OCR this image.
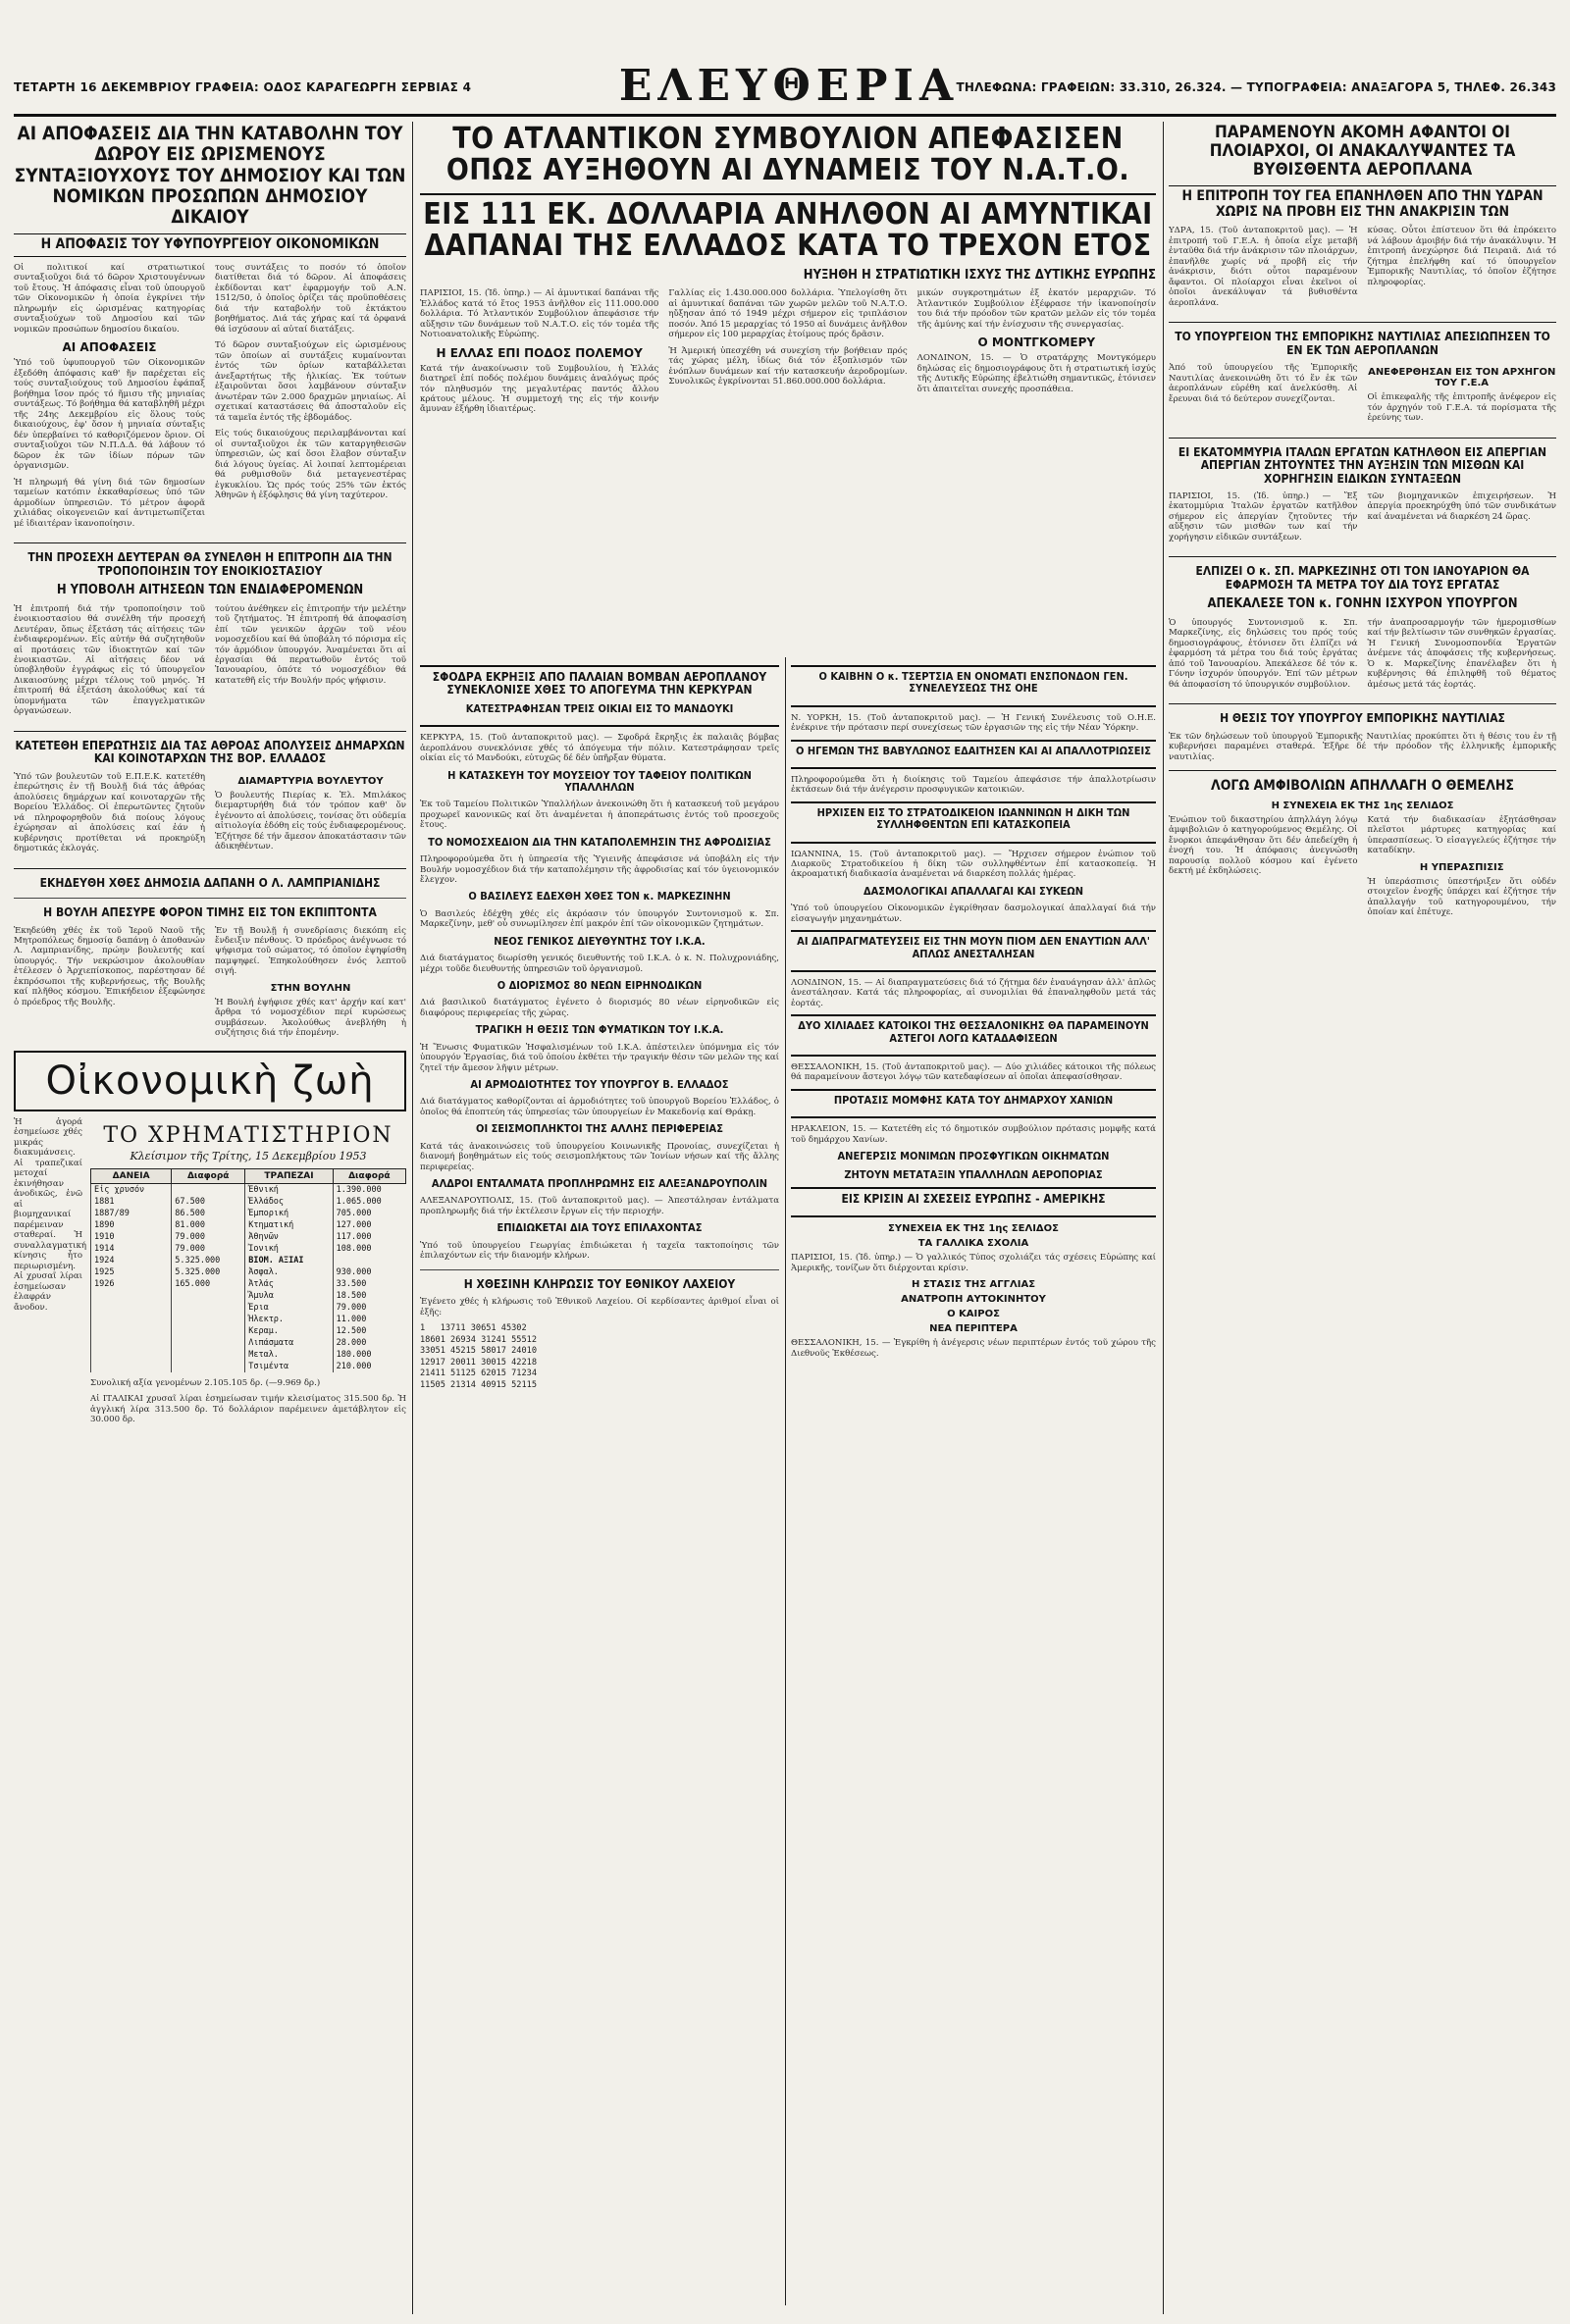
ΤΕΤΑΡΤΗ 16 ΔΕΚΕΜΒΡΙΟΥ ΓΡΑΦΕΙΑ: ΟΔΟΣ ΚΑΡΑΓΕΩΡΓΗ ΣΕΡΒΙΑΣ 4	ΕΛΕΥΘΕΡΙΑ
ΤΗΛΕΦΩΝΑ: ΓΡΑΦΕΙΩΝ: 33.310, 26.324. — ΤΥΠΟΓΡΑΦΕΙΑ: ΑΝΑΞΑΓΟΡΑ 5, ΤΗΛΕΦ. 26.343
ΑΙ ΑΠΟΦΑΣΕΙΣ ΔΙΑ ΤΗΝ ΚΑΤΑΒΟΛΗΝ ΤΟΥ ΔΩΡΟΥ ΕΙΣ ΩΡΙΣΜΕΝΟΥΣ ΣΥΝΤΑΞΙΟΥΧΟΥΣ ΤΟΥ ΔΗΜΟΣΙΟΥ ΚΑΙ ΤΩΝ ΝΟΜΙΚΩΝ ΠΡΟΣΩΠΩΝ ΔΗΜΟΣΙΟΥ ΔΙΚΑΙΟΥ
Η ΑΠΟΦΑΣΙΣ ΤΟΥ ΥΦΥΠΟΥΡΓΕΙΟΥ ΟΙΚΟΝΟΜΙΚΩΝ

Οἱ πολιτικοί καί στρατιωτικοί συνταξιοῦχοι διά τό δῶρον Χριστουγέννων τοῦ ἔτους. Ἡ ἀπόφασις εἶναι τοῦ ὑπουργοῦ τῶν Οἰκονομικῶν ἡ ὁποία ἐγκρίνει τήν πληρωμήν εἰς ὡρισμένας κατηγορίας συνταξιούχων τοῦ Δημοσίου καί τῶν νομικῶν προσώπων δημοσίου δικαίου.

ΑΙ ΑΠΟΦΑΣΕΙΣ

Ὑπό τοῦ ὑφυπουργοῦ τῶν Οἰκονομικῶν ἐξεδόθη ἀπόφασις καθ' ἥν παρέχεται εἰς τούς συνταξιούχους τοῦ Δημοσίου ἐφάπαξ βοήθημα ἴσον πρός τό ἥμισυ τῆς μηνιαίας συντάξεως. Τό βοήθημα θά καταβληθῆ μέχρι τῆς 24ης Δεκεμβρίου εἰς ὅλους τούς δικαιούχους, ἐφ' ὅσον ἡ μηνιαία σύνταξις δέν ὑπερβαίνει τό καθοριζόμενον ὅριον. Οἱ συνταξιοῦχοι τῶν Ν.Π.Δ.Δ. θά λάβουν τό δῶρον ἐκ τῶν ἰδίων πόρων τῶν ὀργανισμῶν.

Ἡ πληρωμή θά γίνη διά τῶν δημοσίων ταμείων κατόπιν ἐκκαθαρίσεως ὑπό τῶν ἁρμοδίων ὑπηρεσιῶν. Τό μέτρον ἀφορᾶ χιλιάδας οἰκογενειῶν καί ἀντιμετωπίζεται μέ ἰδιαιτέραν ἱκανοποίησιν.

τους συντάξεις το ποσόν τό ὁποῖον διατίθεται διά τό δῶρον. Αἱ ἀποφάσεις ἐκδίδονται κατ' ἐφαρμογήν τοῦ Α.Ν. 1512/50, ὁ ὁποῖος ὁρίζει τάς προϋποθέσεις διά τήν καταβολήν τοῦ ἐκτάκτου βοηθήματος. Διά τάς χήρας καί τά ὀρφανά θά ἰσχύσουν αἱ αὐταί διατάξεις.

Τό δῶρον συνταξιούχων εἰς ὡρισμένους τῶν ὁποίων αἱ συντάξεις κυμαίνονται ἐντός τῶν ὁρίων καταβάλλεται ἀνεξαρτήτως τῆς ἡλικίας. Ἐκ τούτων ἐξαιροῦνται ὅσοι λαμβάνουν σύνταξιν ἀνωτέραν τῶν 2.000 δραχμῶν μηνιαίως. Αἱ σχετικαί καταστάσεις θά ἀποσταλοῦν εἰς τά ταμεῖα ἐντός τῆς ἑβδομάδος.

Εἰς τούς δικαιούχους περιλαμβάνονται καί οἱ συνταξιοῦχοι ἐκ τῶν καταργηθεισῶν ὑπηρεσιῶν, ὡς καί ὅσοι ἔλαβον σύνταξιν διά λόγους ὑγείας. Αἱ λοιπαί λεπτομέρειαι θά ρυθμισθοῦν διά μεταγενεστέρας ἐγκυκλίου. Ὡς πρός τούς 25% τῶν ἐκτός Ἀθηνῶν ἡ ἐξόφλησις θά γίνη ταχύτερον.

ΤΗΝ ΠΡΟΣΕΧΗ ΔΕΥΤΕΡΑΝ ΘΑ ΣΥΝΕΛΘΗ Η ΕΠΙΤΡΟΠΗ ΔΙΑ ΤΗΝ ΤΡΟΠΟΠΟΙΗΣΙΝ ΤΟΥ ΕΝΟΙΚΙΟΣΤΑΣΙΟΥ
Η ΥΠΟΒΟΛΗ ΑΙΤΗΣΕΩΝ ΤΩΝ ΕΝΔΙΑΦΕΡΟΜΕΝΩΝ

Ἡ ἐπιτροπή διά τήν τροποποίησιν τοῦ ἐνοικιοστασίου θά συνέλθη τήν προσεχή Δευτέραν, ὅπως ἐξετάση τάς αἰτήσεις τῶν ἐνδιαφερομένων. Εἰς αὐτήν θά συζητηθοῦν αἱ προτάσεις τῶν ἰδιοκτητῶν καί τῶν ἐνοικιαστῶν. Αἱ αἰτήσεις δέον νά ὑποβληθοῦν ἐγγράφως εἰς τό ὑπουργεῖον Δικαιοσύνης μέχρι τέλους τοῦ μηνός. Ἡ ἐπιτροπή θά ἐξετάση ἀκολούθως καί τά ὑπομνήματα τῶν ἐπαγγελματικῶν ὀργανώσεων.

τούτου ἀνέθηκεν εἰς ἐπιτροπήν τήν μελέτην τοῦ ζητήματος. Ἡ ἐπιτροπή θά ἀποφασίση ἐπί τῶν γενικῶν ἀρχῶν τοῦ νέου νομοσχεδίου καί θά ὑποβάλη τό πόρισμα εἰς τόν ἁρμόδιον ὑπουργόν. Ἀναμένεται ὅτι αἱ ἐργασίαι θά περατωθοῦν ἐντός τοῦ Ἰανουαρίου, ὁπότε τό νομοσχέδιον θά κατατεθῆ εἰς τήν Βουλήν πρός ψήφισιν.

ΚΑΤΕΤΕΘΗ ΕΠΕΡΩΤΗΣΙΣ ΔΙΑ ΤΑΣ ΑΘΡΟΑΣ ΑΠΟΛΥΣΕΙΣ ΔΗΜΑΡΧΩΝ ΚΑΙ ΚΟΙΝΟΤΑΡΧΩΝ ΤΗΣ ΒΟΡ. ΕΛΛΑΔΟΣ

Ὑπό τῶν βουλευτῶν τοῦ Ε.Π.Ε.Κ. κατετέθη ἐπερώτησις ἐν τῇ Βουλῇ διά τάς ἀθρόας ἀπολύσεις δημάρχων καί κοινοταρχῶν τῆς Βορείου Ἑλλάδος. Οἱ ἐπερωτῶντες ζητοῦν νά πληροφορηθοῦν διά ποίους λόγους ἐχώρησαν αἱ ἀπολύσεις καί ἐάν ἡ κυβέρνησις προτίθεται νά προκηρύξη δημοτικάς ἐκλογάς.

ΔΙΑΜΑΡΤΥΡΙΑ ΒΟΥΛΕΥΤΟΥ

Ὁ βουλευτής Πιερίας κ. Ἐλ. Μπιλάκος διεμαρτυρήθη διά τόν τρόπον καθ' ὅν ἐγένοντο αἱ ἀπολύσεις, τονίσας ὅτι οὐδεμία αἰτιολογία ἐδόθη εἰς τούς ἐνδιαφερομένους. Ἐζήτησε δέ τήν ἄμεσον ἀποκατάστασιν τῶν ἀδικηθέντων.

ΕΚΗΔΕΥΘΗ ΧΘΕΣ ΔΗΜΟΣΙΑ ΔΑΠΑΝΗ Ο Λ. ΛΑΜΠΡΙΑΝΙΔΗΣ
Η ΒΟΥΛΗ ΑΠΕΣΥΡΕ ΦΟΡΟΝ ΤΙΜΗΣ ΕΙΣ ΤΟΝ ΕΚΠΙΠΤΟΝΤΑ

Ἐκηδεύθη χθές ἐκ τοῦ Ἱεροῦ Ναοῦ τῆς Μητροπόλεως δημοσίᾳ δαπάνῃ ὁ ἀποθανών Λ. Λαμπριανίδης, πρώην βουλευτής καί ὑπουργός. Τήν νεκρώσιμον ἀκολουθίαν ἐτέλεσεν ὁ Ἀρχιεπίσκοπος, παρέστησαν δέ ἐκπρόσωποι τῆς κυβερνήσεως, τῆς Βουλῆς καί πλῆθος κόσμου. Ἐπικήδειον ἐξεφώνησε ὁ πρόεδρος τῆς Βουλῆς.

Ἐν τῇ Βουλῇ ἡ συνεδρίασις διεκόπη εἰς ἔνδειξιν πένθους. Ὁ πρόεδρος ἀνέγνωσε τό ψήφισμα τοῦ σώματος, τό ὁποῖον ἐψηφίσθη παμψηφεί. Ἐπηκολούθησεν ἐνός λεπτοῦ σιγή.

ΣΤΗΝ ΒΟΥΛΗΝ

Ἡ Βουλή ἐψήφισε χθές κατ' ἀρχήν καί κατ' ἄρθρα τό νομοσχέδιον περί κυρώσεως συμβάσεων. Ἀκολούθως ἀνεβλήθη ἡ συζήτησις διά τήν ἑπομένην.

Οἰκονομικὴ ζωὴ

Ἡ ἀγορά ἐσημείωσε χθές μικράς διακυμάνσεις. Αἱ τραπεζικαί μετοχαί ἐκινήθησαν ἀνοδικῶς, ἐνῶ αἱ βιομηχανικαί παρέμειναν σταθεραί. Ἡ συναλλαγματική κίνησις ἦτο περιωρισμένη. Αἱ χρυσαῖ λίραι ἐσημείωσαν ἐλαφράν ἄνοδον.

ΤΟ ΧΡΗΜΑΤΙΣΤΗΡΙΟΝ
Κλείσιμον τῆς Τρίτης, 15 Δεκεμβρίου 1953
ΔΑΝΕΙΑ	Διαφορά	ΤΡΑΠΕΖΑΙ	Διαφορά
Εἰς χρυσόν		Ἐθνική	1.390.000
1881	67.500	Ἑλλάδος	1.065.000
1887/89	86.500	Ἐμπορική	705.000
1890	81.000	Κτηματική	127.000
1910	79.000	Ἀθηνῶν	117.000
1914	79.000	Ἰονική	108.000
1924	5.325.000	ΒΙΟΜ. ΑΞΙΑΙ	
1925	5.325.000	Ἀσφαλ.	930.000
1926	165.000	Ἀτλάς	33.500
		Ἄμυλα	18.500
		Ἐρια	79.000
		Ἠλεκτρ.	11.000
		Κεραμ.	12.500
		Λιπάσματα	28.000
		Μεταλ.	180.000
		Τσιμέντα	210.000

Συνολική αξία γενομένων 2.105.105 δρ. (—9.969 δρ.)

Αἱ ΙΤΑΛΙΚΑΙ χρυσαῖ λίραι ἐσημείωσαν τιμήν κλεισίματος 315.500 δρ. Ἡ ἀγγλική λίρα 313.500 δρ. Τό δολλάριον παρέμεινεν ἀμετάβλητον εἰς 30.000 δρ.

ΤΟ ΑΤΛΑΝΤΙΚΟΝ ΣΥΜΒΟΥΛΙΟΝ ΑΠΕΦΑΣΙΣΕΝ ΟΠΩΣ ΑΥΞΗΘΟΥΝ ΑΙ ΔΥΝΑΜΕΙΣ ΤΟΥ Ν.Α.Τ.Ο.
ΕΙΣ 111 ΕΚ. ΔΟΛΛΑΡΙΑ ΑΝΗΛΘΟΝ ΑΙ ΑΜΥΝΤΙΚΑΙ ΔΑΠΑΝΑΙ ΤΗΣ ΕΛΛΑΔΟΣ ΚΑΤΑ ΤΟ ΤΡΕΧΟΝ ΕΤΟΣ
ΗΥΞΗΘΗ Η ΣΤΡΑΤΙΩΤΙΚΗ ΙΣΧΥΣ ΤΗΣ ΔΥΤΙΚΗΣ ΕΥΡΩΠΗΣ

ΠΑΡΙΣΙΟΙ, 15. (Ἰδ. ὑπηρ.) — Αἱ ἀμυντικαί δαπάναι τῆς Ἑλλάδος κατά τό ἔτος 1953 ἀνῆλθον εἰς 111.000.000 δολλάρια. Τό Ἀτλαντικόν Συμβούλιον ἀπεφάσισε τήν αὔξησιν τῶν δυνάμεων τοῦ Ν.Α.Τ.Ο. εἰς τόν τομέα τῆς Νοτιοανατολικῆς Εὐρώπης.

Η ΕΛΛΑΣ ΕΠΙ ΠΟΔΟΣ ΠΟΛΕΜΟΥ

Κατά τήν ἀνακοίνωσιν τοῦ Συμβουλίου, ἡ Ἑλλάς διατηρεῖ ἐπί ποδός πολέμου δυνάμεις ἀναλόγως πρός τόν πληθυσμόν της μεγαλυτέρας παντός ἄλλου κράτους μέλους. Ἡ συμμετοχή της εἰς τήν κοινήν ἄμυναν ἐξήρθη ἰδιαιτέρως.

Γαλλίας εἰς 1.430.000.000 δολλάρια. Ὑπελογίσθη ὅτι αἱ ἀμυντικαί δαπάναι τῶν χωρῶν μελῶν τοῦ Ν.Α.Τ.Ο. ηὔξησαν ἀπό τό 1949 μέχρι σήμερον εἰς τριπλάσιον ποσόν. Ἀπό 15 μεραρχίας τό 1950 αἱ δυνάμεις ἀνῆλθον σήμερον εἰς 100 μεραρχίας ἑτοίμους πρός δρᾶσιν.

Ἡ Ἀμερική ὑπεσχέθη νά συνεχίση τήν βοήθειαν πρός τάς χώρας μέλη, ἰδίως διά τόν ἐξοπλισμόν τῶν ἐνόπλων δυνάμεων καί τήν κατασκευήν ἀεροδρομίων. Συνολικῶς ἐγκρίνονται 51.860.000.000 δολλάρια.

μικών συγκροτημάτων ἐξ ἐκατόν μεραρχιῶν. Τό Ἀτλαντικόν Συμβούλιον ἐξέφρασε τήν ἱκανοποίησίν του διά τήν πρόοδον τῶν κρατῶν μελῶν εἰς τόν τομέα τῆς ἀμύνης καί τήν ἐνίσχυσιν τῆς συνεργασίας.

Ο ΜΟΝΤΓΚΟΜΕΡΥ

ΛΟΝΔΙΝΟΝ, 15. — Ὁ στρατάρχης Μοντγκόμερυ δηλώσας εἰς δημοσιογράφους ὅτι ἡ στρατιωτική ἰσχύς τῆς Δυτικῆς Εὐρώπης ἐβελτιώθη σημαντικῶς, ἐτόνισεν ὅτι ἀπαιτεῖται συνεχής προσπάθεια.

ΣΦΟΔΡΑ ΕΚΡΗΞΙΣ ΑΠΟ ΠΑΛΑΙΑΝ ΒΟΜΒΑΝ ΑΕΡΟΠΛΑΝΟΥ ΣΥΝΕΚΛΟΝΙΣΕ ΧΘΕΣ ΤΟ ΑΠΟΓΕΥΜΑ ΤΗΝ ΚΕΡΚΥΡΑΝ
ΚΑΤΕΣΤΡΑΦΗΣΑΝ ΤΡΕΙΣ ΟΙΚΙΑΙ ΕΙΣ ΤΟ ΜΑΝΔΟΥΚΙ

ΚΕΡΚΥΡΑ, 15. (Τοῦ ἀνταποκριτοῦ μας). — Σφοδρά ἔκρηξις ἐκ παλαιᾶς βόμβας ἀεροπλάνου συνεκλόνισε χθές τό ἀπόγευμα τήν πόλιν. Κατεστράφησαν τρεῖς οἰκίαι εἰς τό Μανδούκι, εὐτυχῶς δέ δέν ὑπῆρξαν θύματα.

Η ΚΑΤΑΣΚΕΥΗ ΤΟΥ ΜΟΥΣΕΙΟΥ ΤΟΥ ΤΑΦΕΙΟΥ ΠΟΛΙΤΙΚΩΝ ΥΠΑΛΛΗΛΩΝ

Ἐκ τοῦ Ταμείου Πολιτικῶν Ὑπαλλήλων ἀνεκοινώθη ὅτι ἡ κατασκευή τοῦ μεγάρου προχωρεῖ κανονικῶς καί ὅτι ἀναμένεται ἡ ἀποπεράτωσις ἐντός τοῦ προσεχοῦς ἔτους.

ΤΟ ΝΟΜΟΣΧΕΔΙΟΝ ΔΙΑ ΤΗΝ ΚΑΤΑΠΟΛΕΜΗΣΙΝ ΤΗΣ ΑΦΡΟΔΙΣΙΑΣ

Πληροφορούμεθα ὅτι ἡ ὑπηρεσία τῆς Ὑγιεινῆς ἀπεφάσισε νά ὑποβάλη εἰς τήν Βουλήν νομοσχέδιον διά τήν καταπολέμησιν τῆς ἀφροδισίας καί τόν ὑγειονομικόν ἔλεγχον.

Ο ΒΑΣΙΛΕΥΣ ΕΔΕΧΘΗ ΧΘΕΣ ΤΟΝ κ. ΜΑΡΚΕΖΙΝΗΝ

Ὁ Βασιλεύς ἐδέχθη χθές εἰς ἀκρόασιν τόν ὑπουργόν Συντονισμοῦ κ. Σπ. Μαρκεζίνην, μεθ' οὗ συνωμίλησεν ἐπί μακρόν ἐπί τῶν οἰκονομικῶν ζητημάτων.

ΝΕΟΣ ΓΕΝΙΚΟΣ ΔΙΕΥΘΥΝΤΗΣ ΤΟΥ Ι.Κ.Α.

Διά διατάγματος διωρίσθη γενικός διευθυντής τοῦ Ι.Κ.Α. ὁ κ. Ν. Πολυχρονιάδης, μέχρι τοῦδε διευθυντής ὑπηρεσιῶν τοῦ ὀργανισμοῦ.

Ο ΔΙΟΡΙΣΜΟΣ 80 ΝΕΩΝ ΕΙΡΗΝΟΔΙΚΩΝ

Διά βασιλικοῦ διατάγματος ἐγένετο ὁ διορισμός 80 νέων εἰρηνοδικῶν εἰς διαφόρους περιφερείας τῆς χώρας.

ΤΡΑΓΙΚΗ Η ΘΕΣΙΣ ΤΩΝ ΦΥΜΑΤΙΚΩΝ ΤΟΥ Ι.Κ.Α.

Ἡ Ἕνωσις Φυματικῶν Ἠσφαλισμένων τοῦ Ι.Κ.Α. ἀπέστειλεν ὑπόμνημα εἰς τόν ὑπουργόν Ἐργασίας, διά τοῦ ὁποίου ἐκθέτει τήν τραγικήν θέσιν τῶν μελῶν της καί ζητεῖ τήν ἄμεσον λῆψιν μέτρων.

ΑΙ ΑΡΜΟΔΙΟΤΗΤΕΣ ΤΟΥ ΥΠΟΥΡΓΟΥ Β. ΕΛΛΑΔΟΣ

Διά διατάγματος καθορίζονται αἱ ἁρμοδιότητες τοῦ ὑπουργοῦ Βορείου Ἑλλάδος, ὁ ὁποῖος θά ἐποπτεύη τάς ὑπηρεσίας τῶν ὑπουργείων ἐν Μακεδονίᾳ καί Θράκῃ.

ΟΙ ΣΕΙΣΜΟΠΛΗΚΤΟΙ ΤΗΣ ΑΛΛΗΣ ΠΕΡΙΦΕΡΕΙΑΣ

Κατά τάς ἀνακοινώσεις τοῦ ὑπουργείου Κοινωνικῆς Προνοίας, συνεχίζεται ἡ διανομή βοηθημάτων εἰς τούς σεισμοπλήκτους τῶν Ἰονίων νήσων καί τῆς ἄλλης περιφερείας.

ΑΛΔΡΟΙ ΕΝΤΑΛΜΑΤΑ ΠΡΟΠΛΗΡΩΜΗΣ ΕΙΣ ΑΛΕΞΑΝΔΡΟΥΠΟΛΙΝ

ΑΛΕΞΑΝΔΡΟΥΠΟΛΙΣ, 15. (Τοῦ ἀνταποκριτοῦ μας). — Ἀπεστάλησαν ἐντάλματα προπληρωμῆς διά τήν ἐκτέλεσιν ἔργων εἰς τήν περιοχήν.

ΕΠΙΔΙΩΚΕΤΑΙ ΔΙΑ ΤΟΥΣ ΕΠΙΛΑΧΟΝΤΑΣ

Ὑπό τοῦ ὑπουργείου Γεωργίας ἐπιδιώκεται ἡ ταχεῖα τακτοποίησις τῶν ἐπιλαχόντων εἰς τήν διανομήν κλήρων.

Η ΧΘΕΣΙΝΗ ΚΛΗΡΩΣΙΣ ΤΟΥ ΕΘΝΙΚΟΥ ΛΑΧΕΙΟΥ

Ἐγένετο χθές ἡ κλήρωσις τοῦ Ἐθνικοῦ Λαχείου. Οἱ κερδίσαντες ἀριθμοί εἶναι οἱ ἑξῆς:

1   13711 30651 45302
18601 26934 31241 55512
33051 45215 58017 24010
12917 20011 30015 42218
21411 51125 62015 71234
11505 21314 40915 52115
Ο ΚΑΙΒΗΝ Ο κ. ΤΣΕΡΤΣΙΑ ΕΝ ΟΝΟΜΑΤΙ ΕΝΣΠΟΝΔΟΝ ΓΕΝ. ΣΥΝΕΛΕΥΣΕΩΣ ΤΗΣ ΟΗΕ

Ν. ΥΟΡΚΗ, 15. (Τοῦ ἀνταποκριτοῦ μας). — Ἡ Γενική Συνέλευσις τοῦ Ο.Η.Ε. ἐνέκρινε τήν πρότασιν περί συνεχίσεως τῶν ἐργασιῶν της εἰς τήν Νέαν Ὑόρκην.

Ο ΗΓΕΜΩΝ ΤΗΣ ΒΑΒΥΛΩΝΟΣ ΕΔΑΙΤΗΣΕΝ ΚΑΙ ΑΙ ΑΠΑΛΛΟΤΡΙΩΣΕΙΣ

Πληροφορούμεθα ὅτι ἡ διοίκησις τοῦ Ταμείου ἀπεφάσισε τήν ἀπαλλοτρίωσιν ἐκτάσεων διά τήν ἀνέγερσιν προσφυγικῶν κατοικιῶν.

ΗΡΧΙΣΕΝ ΕΙΣ ΤΟ ΣΤΡΑΤΟΔΙΚΕΙΟΝ ΙΩΑΝΝΙΝΩΝ Η ΔΙΚΗ ΤΩΝ ΣΥΛΛΗΦΘΕΝΤΩΝ ΕΠΙ ΚΑΤΑΣΚΟΠΕΙΑ

ΙΩΑΝΝΙΝΑ, 15. (Τοῦ ἀνταποκριτοῦ μας). — Ἤρχισεν σήμερον ἐνώπιον τοῦ Διαρκοῦς Στρατοδικείου ἡ δίκη τῶν συλληφθέντων ἐπί κατασκοπείᾳ. Ἡ ἀκροαματική διαδικασία ἀναμένεται νά διαρκέση πολλάς ἡμέρας.

ΔΑΣΜΟΛΟΓΙΚΑΙ ΑΠΑΛΛΑΓΑΙ ΚΑΙ ΣΥΚΕΩΝ

Ὑπό τοῦ ὑπουργείου Οἰκονομικῶν ἐγκρίθησαν δασμολογικαί ἀπαλλαγαί διά τήν εἰσαγωγήν μηχανημάτων.

ΑΙ ΔΙΑΠΡΑΓΜΑΤΕΥΣΕΙΣ ΕΙΣ ΤΗΝ ΜΟΥΝ ΠΙΟΜ ΔΕΝ ΕΝΑΥΤΙΩΝ ΑΛΛ' ΑΠΛΩΣ ΑΝΕΣΤΑΛΗΣΑΝ

ΛΟΝΔΙΝΟΝ, 15. — Αἱ διαπραγματεύσεις διά τό ζήτημα δέν ἐναυάγησαν ἀλλ' ἁπλῶς ἀνεστάλησαν. Κατά τάς πληροφορίας, αἱ συνομιλίαι θά ἐπαναληφθοῦν μετά τάς ἑορτάς.

ΔΥΟ ΧΙΛΙΑΔΕΣ ΚΑΤΟΙΚΟΙ ΤΗΣ ΘΕΣΣΑΛΟΝΙΚΗΣ ΘΑ ΠΑΡΑΜΕΙΝΟΥΝ ΑΣΤΕΓΟΙ ΛΟΓΩ ΚΑΤΑΔΑΦΙΣΕΩΝ

ΘΕΣΣΑΛΟΝΙΚΗ, 15. (Τοῦ ἀνταποκριτοῦ μας). — Δύο χιλιάδες κάτοικοι τῆς πόλεως θά παραμείνουν ἄστεγοι λόγῳ τῶν κατεδαφίσεων αἱ ὁποῖαι ἀπεφασίσθησαν.

ΠΡΟΤΑΣΙΣ ΜΟΜΦΗΣ ΚΑΤΑ ΤΟΥ ΔΗΜΑΡΧΟΥ ΧΑΝΙΩΝ

ΗΡΑΚΛΕΙΟΝ, 15. — Κατετέθη εἰς τό δημοτικόν συμβούλιον πρότασις μομφῆς κατά τοῦ δημάρχου Χανίων.

ΑΝΕΓΕΡΣΙΣ ΜΟΝΙΜΩΝ ΠΡΟΣΦΥΓΙΚΩΝ ΟΙΚΗΜΑΤΩΝ
ΖΗΤΟΥΝ ΜΕΤΑΤΑΞΙΝ ΥΠΑΛΛΗΛΩΝ ΑΕΡΟΠΟΡΙΑΣ
ΕΙΣ ΚΡΙΣΙΝ ΑΙ ΣΧΕΣΕΙΣ ΕΥΡΩΠΗΣ - ΑΜΕΡΙΚΗΣ
ΣΥΝΕΧΕΙΑ ΕΚ ΤΗΣ 1ης ΣΕΛΙΔΟΣ
ΤΑ ΓΑΛΛΙΚΑ ΣΧΟΛΙΑ

ΠΑΡΙΣΙΟΙ, 15. (Ἰδ. ὑπηρ.) — Ὁ γαλλικός Τύπος σχολιάζει τάς σχέσεις Εὐρώπης καί Ἀμερικῆς, τονίζων ὅτι διέρχονται κρίσιν.

Η ΣΤΑΣΙΣ ΤΗΣ ΑΓΓΛΙΑΣ
ΑΝΑΤΡΟΠΗ ΑΥΤΟΚΙΝΗΤΟΥ
Ο ΚΑΙΡΟΣ
ΝΕΑ ΠΕΡΙΠΤΕΡΑ

ΘΕΣΣΑΛΟΝΙΚΗ, 15. — Ἐγκρίθη ἡ ἀνέγερσις νέων περιπτέρων ἐντός τοῦ χώρου τῆς Διεθνοῦς Ἐκθέσεως.

ΠΑΡΑΜΕΝΟΥΝ ΑΚΟΜΗ ΑΦΑΝΤΟΙ ΟΙ ΠΛΟΙΑΡΧΟΙ, ΟΙ ΑΝΑΚΑΛΥΨΑΝΤΕΣ ΤΑ ΒΥΘΙΣΘΕΝΤΑ ΑΕΡΟΠΛΑΝΑ
Η ΕΠΙΤΡΟΠΗ ΤΟΥ ΓΕΑ ΕΠΑΝΗΛΘΕΝ ΑΠΟ ΤΗΝ ΥΔΡΑΝ ΧΩΡΙΣ ΝΑ ΠΡΟΒΗ ΕΙΣ ΤΗΝ ΑΝΑΚΡΙΣΙΝ ΤΩΝ

ΥΔΡΑ, 15. (Τοῦ ἀνταποκριτοῦ μας). — Ἡ ἐπιτροπή τοῦ Γ.Ε.Α. ἡ ὁποία εἶχε μεταβῆ ἐνταῦθα διά τήν ἀνάκρισιν τῶν πλοιάρχων, ἐπανῆλθε χωρίς νά προβῆ εἰς τήν ἀνάκρισιν, διότι οὗτοι παραμένουν ἄφαντοι. Οἱ πλοίαρχοι εἶναι ἐκεῖνοι οἱ ὁποῖοι ἀνεκάλυψαν τά βυθισθέντα ἀεροπλάνα.

κύσας. Οὗτοι ἐπίστευον ὅτι θά ἐπρόκειτο νά λάβουν ἀμοιβήν διά τήν ἀνακάλυψιν. Ἡ ἐπιτροπή ἀνεχώρησε διά Πειραιᾶ. Διά τό ζήτημα ἐπελήφθη καί τό ὑπουργεῖον Ἐμπορικῆς Ναυτιλίας, τό ὁποῖον ἐζήτησε πληροφορίας.

ΤΟ ΥΠΟΥΡΓΕΙΟΝ ΤΗΣ ΕΜΠΟΡΙΚΗΣ ΝΑΥΤΙΛΙΑΣ ΑΠΕΣΙΩΠΗΣΕΝ ΤΟ ΕΝ ΕΚ ΤΩΝ ΑΕΡΟΠΛΑΝΩΝ

Ἀπό τοῦ ὑπουργείου τῆς Ἐμπορικῆς Ναυτιλίας ἀνεκοινώθη ὅτι τό ἕν ἐκ τῶν ἀεροπλάνων εὑρέθη καί ἀνελκύσθη. Αἱ ἔρευναι διά τό δεύτερον συνεχίζονται.

ΑΝΕΦΕΡΘΗΣΑΝ ΕΙΣ ΤΟΝ ΑΡΧΗΓΟΝ ΤΟΥ Γ.Ε.Α

Οἱ ἐπικεφαλῆς τῆς ἐπιτροπῆς ἀνέφερον εἰς τόν ἀρχηγόν τοῦ Γ.Ε.Α. τά πορίσματα τῆς ἐρεύνης των.

ΕΙ ΕΚΑΤΟΜΜΥΡΙΑ ΙΤΑΛΩΝ ΕΡΓΑΤΩΝ ΚΑΤΗΛΘΟΝ ΕΙΣ ΑΠΕΡΓΙΑΝ ΑΠΕΡΓΙΑΝ ΖΗΤΟΥΝΤΕΣ ΤΗΝ ΑΥΞΗΣΙΝ ΤΩΝ ΜΙΣΘΩΝ ΚΑΙ ΧΟΡΗΓΗΣΙΝ ΕΙΔΙΚΩΝ ΣΥΝΤΑΞΕΩΝ

ΠΑΡΙΣΙΟΙ, 15. (Ἰδ. ὑπηρ.) — Ἕξ ἑκατομμύρια Ἰταλῶν ἐργατῶν κατῆλθον σήμερον εἰς ἀπεργίαν ζητοῦντες τήν αὔξησιν τῶν μισθῶν των καί τήν χορήγησιν εἰδικῶν συντάξεων.

τῶν βιομηχανικῶν ἐπιχειρήσεων. Ἡ ἀπεργία προεκηρύχθη ὑπό τῶν συνδικάτων καί ἀναμένεται νά διαρκέση 24 ὥρας.

ΕΛΠΙΖΕΙ Ο κ. ΣΠ. ΜΑΡΚΕΖΙΝΗΣ ΟΤΙ ΤΟΝ ΙΑΝΟΥΑΡΙΟΝ ΘΑ ΕΦΑΡΜΟΣΗ ΤΑ ΜΕΤΡΑ ΤΟΥ ΔΙΑ ΤΟΥΣ ΕΡΓΑΤΑΣ
ΑΠΕΚΑΛΕΣΕ ΤΟΝ κ. ΓΟΝΗΝ ΙΣΧΥΡΟΝ ΥΠΟΥΡΓΟΝ

Ὁ ὑπουργός Συντονισμοῦ κ. Σπ. Μαρκεζίνης, εἰς δηλώσεις του πρός τούς δημοσιογράφους, ἐτόνισεν ὅτι ἐλπίζει νά ἐφαρμόση τά μέτρα του διά τούς ἐργάτας ἀπό τοῦ Ἰανουαρίου. Ἀπεκάλεσε δέ τόν κ. Γόνην ἰσχυρόν ὑπουργόν. Ἐπί τῶν μέτρων θά ἀποφασίση τό ὑπουργικόν συμβούλιον.

τήν ἀναπροσαρμογήν τῶν ἡμερομισθίων καί τήν βελτίωσιν τῶν συνθηκῶν ἐργασίας. Ἡ Γενική Συνομοσπονδία Ἐργατῶν ἀνέμενε τάς ἀποφάσεις τῆς κυβερνήσεως. Ὁ κ. Μαρκεζίνης ἐπανέλαβεν ὅτι ἡ κυβέρνησις θά ἐπιληφθῆ τοῦ θέματος ἀμέσως μετά τάς ἑορτάς.

Η ΘΕΣΙΣ ΤΟΥ ΥΠΟΥΡΓΟΥ ΕΜΠΟΡΙΚΗΣ ΝΑΥΤΙΛΙΑΣ

Ἐκ τῶν δηλώσεων τοῦ ὑπουργοῦ Ἐμπορικῆς Ναυτιλίας προκύπτει ὅτι ἡ θέσις του ἐν τῇ κυβερνήσει παραμένει σταθερά. Ἐξῆρε δέ τήν πρόοδον τῆς ἑλληνικῆς ἐμπορικῆς ναυτιλίας.

ΛΟΓΩ ΑΜΦΙΒΟΛΙΩΝ ΑΠΗΛΛΑΓΗ Ο ΘΕΜΕΛΗΣ
Η ΣΥΝΕΧΕΙΑ ΕΚ ΤΗΣ 1ης ΣΕΛΙΔΟΣ

Ἐνώπιον τοῦ δικαστηρίου ἀπηλλάγη λόγῳ ἀμφιβολιῶν ὁ κατηγορούμενος Θεμέλης. Οἱ ἔνορκοι ἀπεφάνθησαν ὅτι δέν ἀπεδείχθη ἡ ἐνοχή του. Ἡ ἀπόφασις ἀνεγνώσθη παρουσίᾳ πολλοῦ κόσμου καί ἐγένετο δεκτή μέ ἐκδηλώσεις.

Κατά τήν διαδικασίαν ἐξητάσθησαν πλεῖστοι μάρτυρες κατηγορίας καί ὑπερασπίσεως. Ὁ εἰσαγγελεύς ἐζήτησε τήν καταδίκην.

Η ΥΠΕΡΑΣΠΙΣΙΣ

Ἡ ὑπεράσπισις ὑπεστήριξεν ὅτι οὐδέν στοιχεῖον ἐνοχῆς ὑπάρχει καί ἐζήτησε τήν ἀπαλλαγήν τοῦ κατηγορουμένου, τήν ὁποίαν καί ἐπέτυχε.
